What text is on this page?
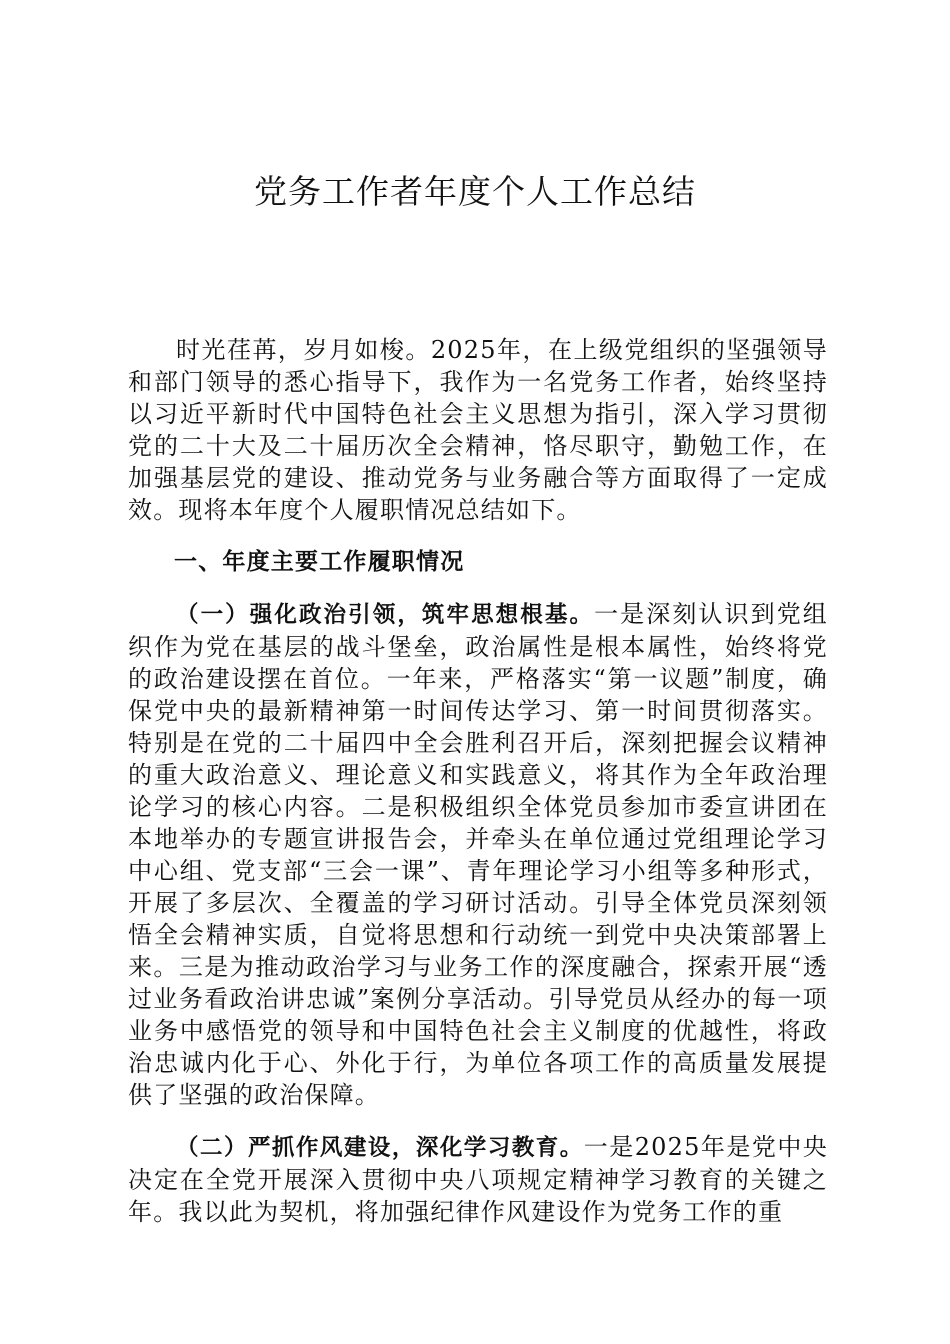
党务工作者年度个人工作总结

时光荏苒，岁月如梭。2025年，在上级党组织的坚强领导和部门领导的悉心指导下，我作为一名党务工作者，始终坚持以习近平新时代中国特色社会主义思想为指引，深入学习贯彻党的二十大及二十届历次全会精神，恪尽职守，勤勉工作，在加强基层党的建设、推动党务与业务融合等方面取得了一定成效。现将本年度个人履职情况总结如下。

一、年度主要工作履职情况

（一）强化政治引领，筑牢思想根基。一是深刻认识到党组织作为党在基层的战斗堡垒，政治属性是根本属性，始终将党的政治建设摆在首位。一年来，严格落实“第一议题”制度，确保党中央的最新精神第一时间传达学习、第一时间贯彻落实。特别是在党的二十届四中全会胜利召开后，深刻把握会议精神的重大政治意义、理论意义和实践意义，将其作为全年政治理论学习的核心内容。二是积极组织全体党员参加市委宣讲团在本地举办的专题宣讲报告会，并牵头在单位通过党组理论学习中心组、党支部“三会一课”、青年理论学习小组等多种形式，开展了多层次、全覆盖的学习研讨活动。引导全体党员深刻领悟全会精神实质，自觉将思想和行动统一到党中央决策部署上来。三是为推动政治学习与业务工作的深度融合，探索开展“透过业务看政治讲忠诚”案例分享活动。引导党员从经办的每一项业务中感悟党的领导和中国特色社会主义制度的优越性，将政治忠诚内化于心、外化于行，为单位各项工作的高质量发展提供了坚强的政治保障。

（二）严抓作风建设，深化学习教育。一是2025年是党中央决定在全党开展深入贯彻中央八项规定精神学习教育的关键之年。我以此为契机，将加强纪律作风建设作为党务工作的重
